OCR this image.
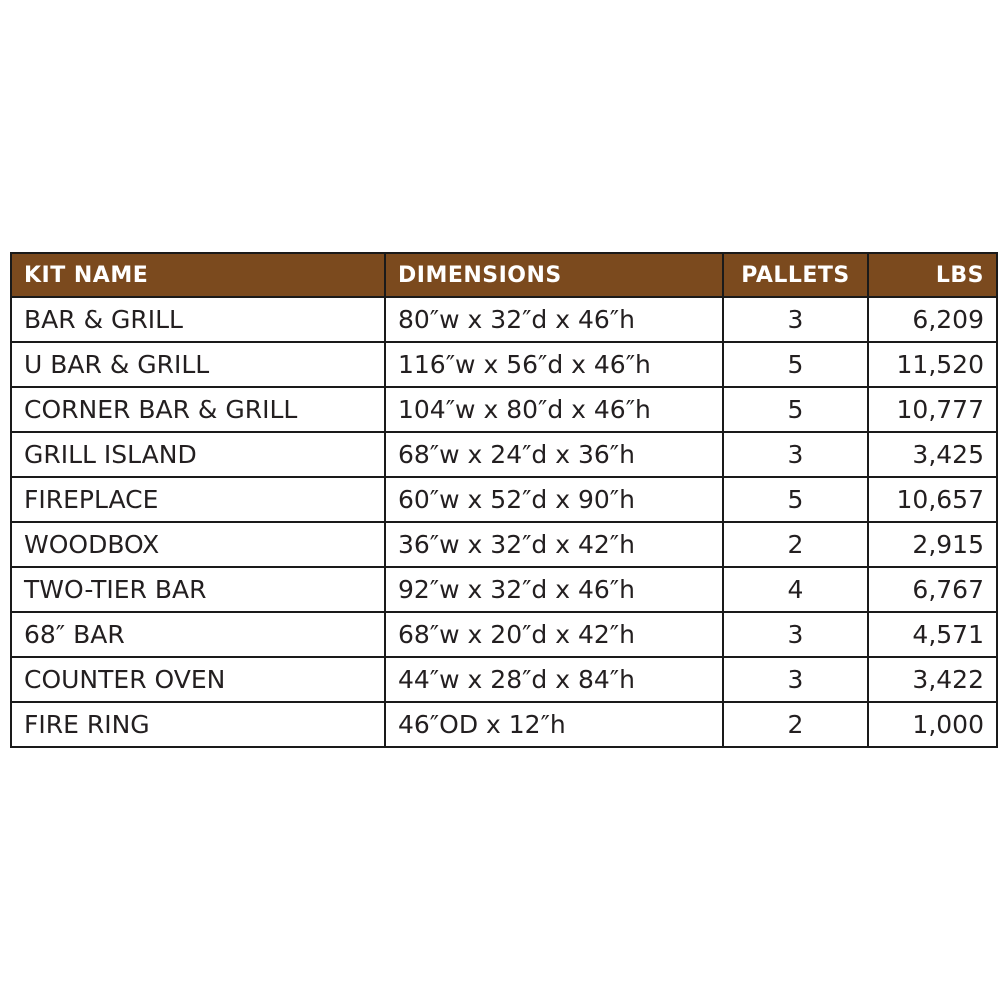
KIT NAME	DIMENSIONS	PALLETS	LBS
BAR & GRILL	80″w x 32″d x 46″h	3	6,209
U BAR & GRILL	116″w x 56″d x 46″h	5	11,520
CORNER BAR & GRILL	104″w x 80″d x 46″h	5	10,777
GRILL ISLAND	68″w x 24″d x 36″h	3	3,425
FIREPLACE	60″w x 52″d x 90″h	5	10,657
WOODBOX	36″w x 32″d x 42″h	2	2,915
TWO-TIER BAR	92″w x 32″d x 46″h	4	6,767
68″ BAR	68″w x 20″d x 42″h	3	4,571
COUNTER OVEN	44″w x 28″d x 84″h	3	3,422
FIRE RING	46″OD x 12″h	2	1,000
